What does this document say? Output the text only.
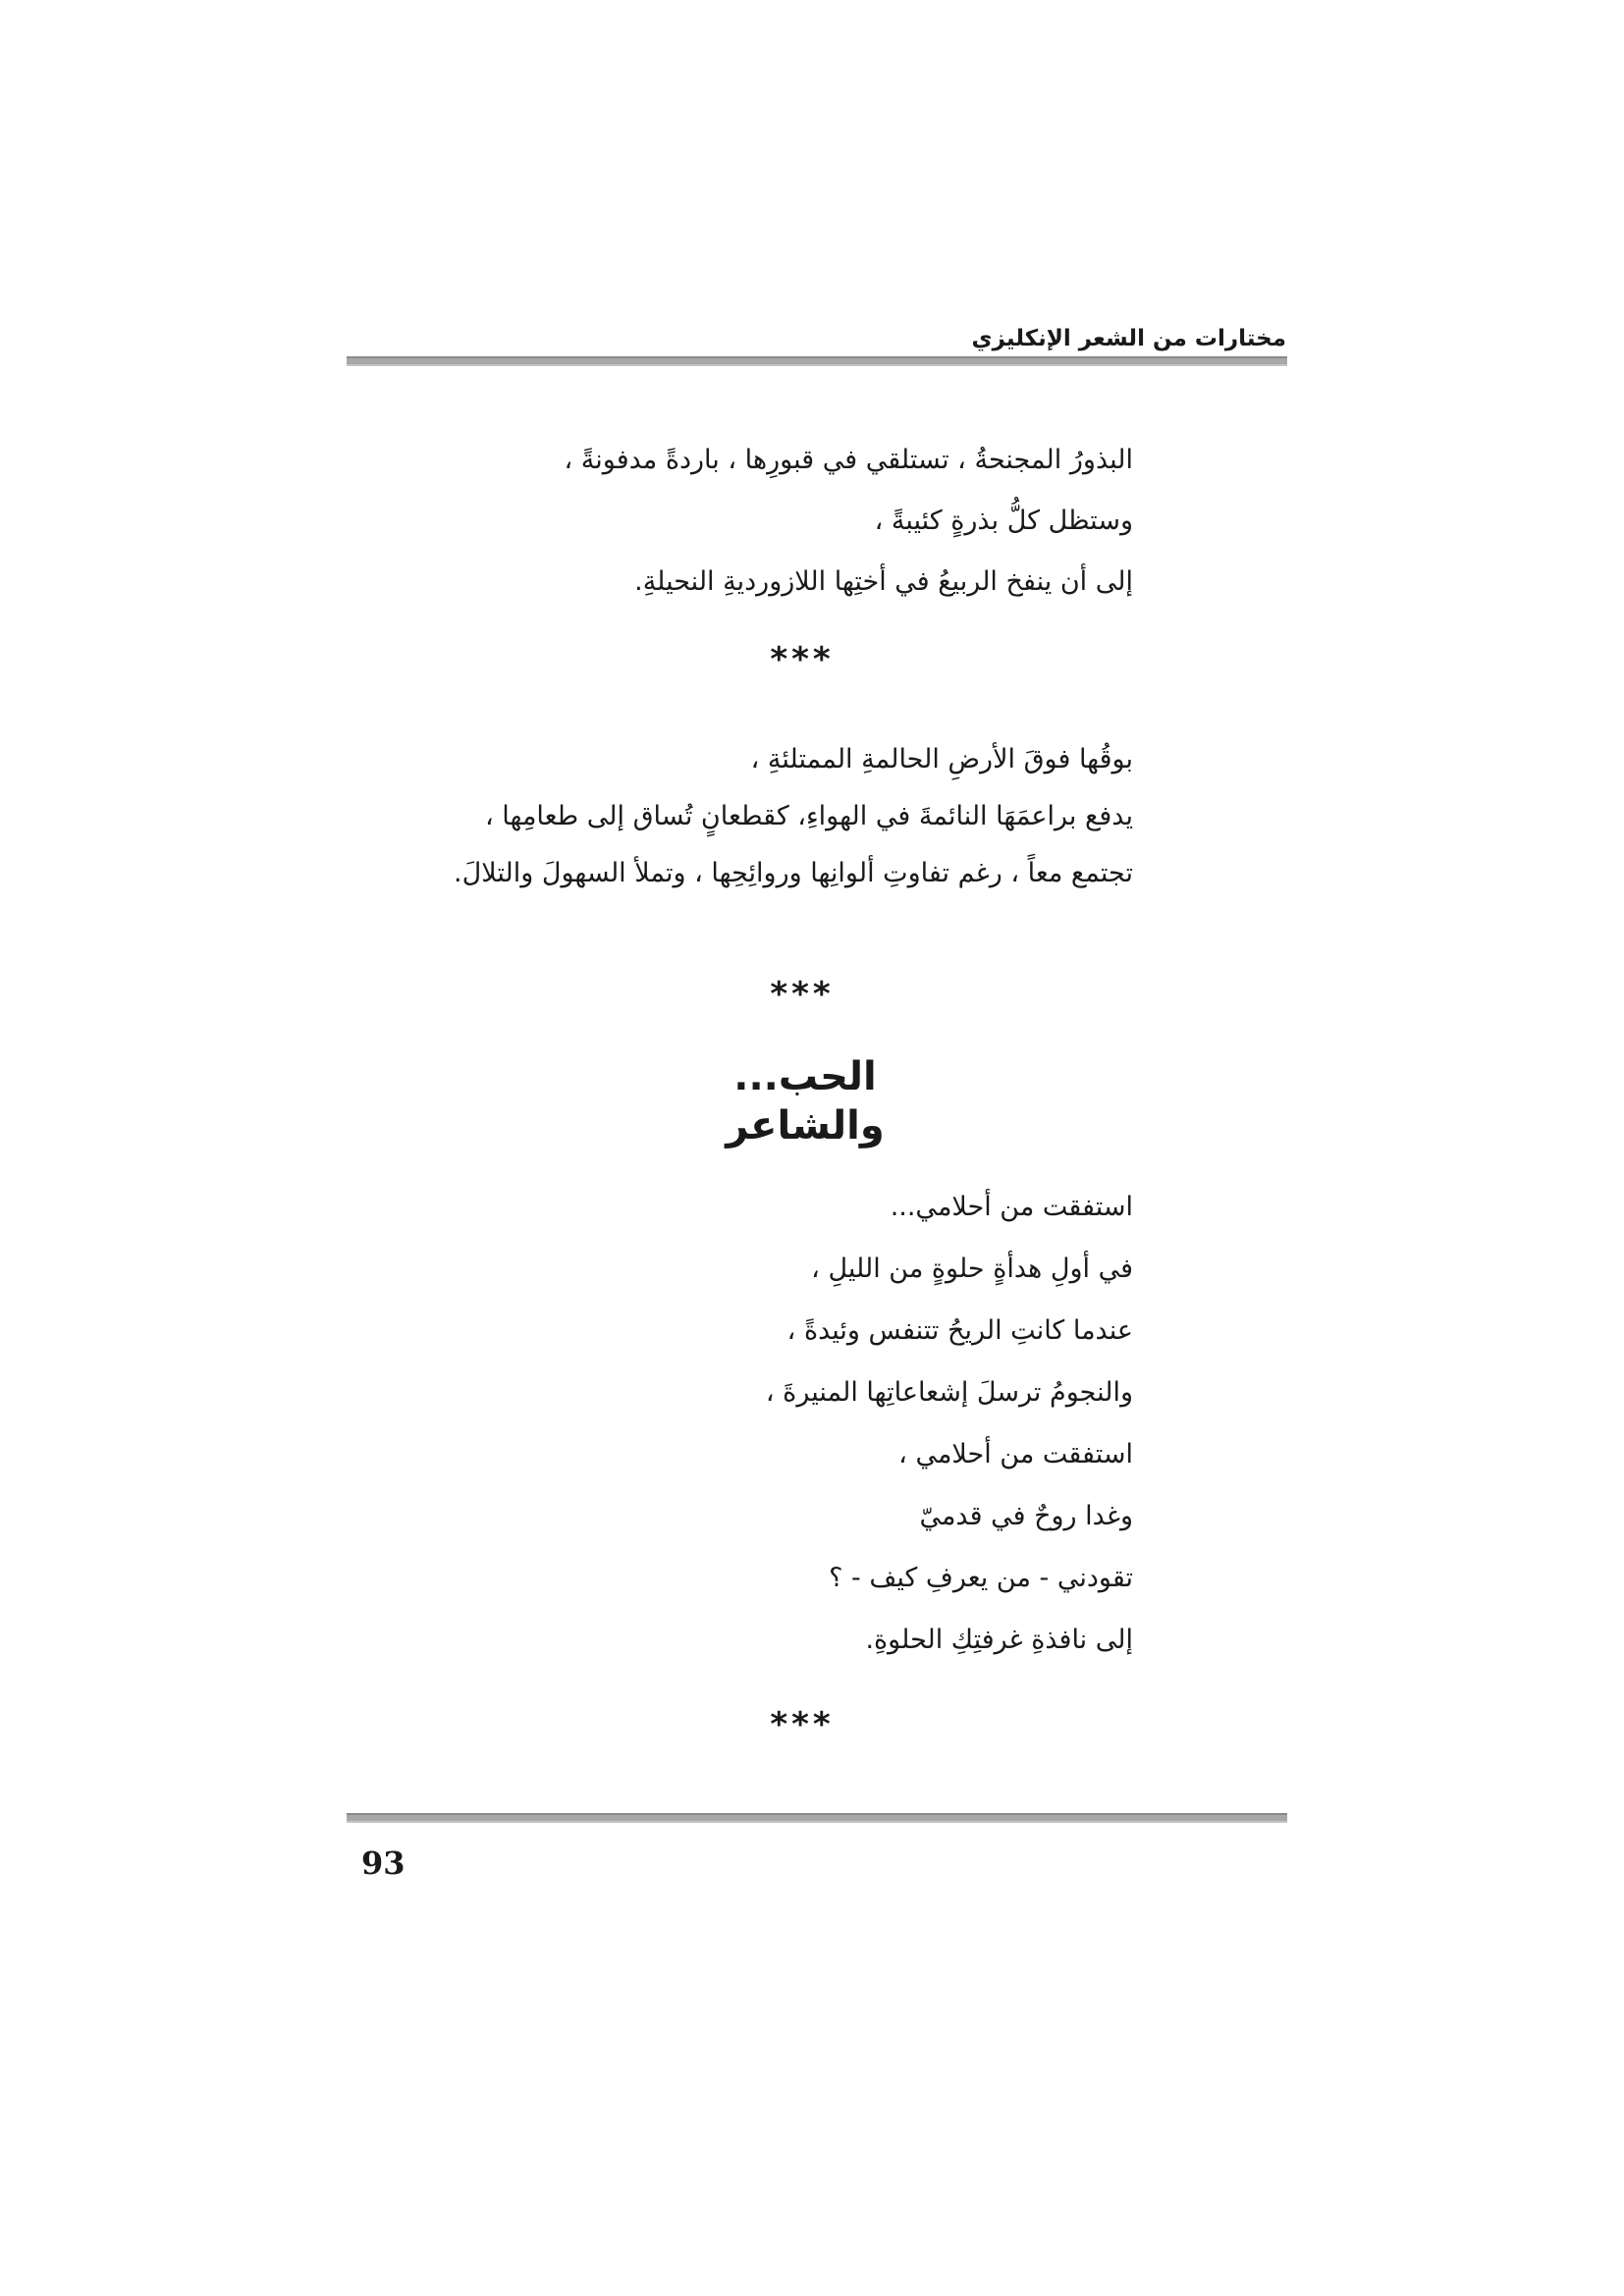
مختارات من الشعر الإنكليزي
البذورُ المجنحةُ ، تستلقي في قبورِها ، باردةً مدفونةً ،
وستظل كلُّ بذرةٍ كئيبةً ،
إلى أن ينفخ الربيعُ في أختِها اللازورديةِ النحيلةِ.
***
بوقُها فوقَ الأرضِ الحالمةِ الممتلئةِ ،
يدفع براعمَهَا النائمةَ في الهواءِ، كقطعانٍ تُساق إلى طعامِها ،
تجتمع معاً ، رغم تفاوتِ ألوانِها وروائِحِها ، وتملأ السهولَ والتلالَ.
***
الحب... والشاعر
استفقت من أحلامي...
في أولِ هدأةٍ حلوةٍ من الليلِ ،
عندما كانتِ الريحُ تتنفس وئيدةً ،
والنجومُ ترسلَ إشعاعاتِها المنيرةَ ،
استفقت من أحلامي ،
وغدا روحٌ في قدميّ
تقودني - من يعرفِ كيف - ؟
إلى نافذةِ غرفتِكِ الحلوةِ.
***
93
